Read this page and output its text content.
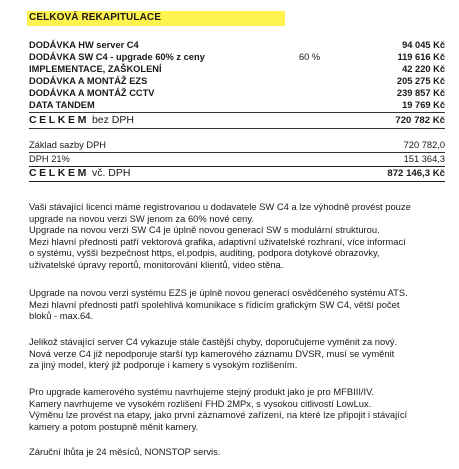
CELKOVÁ REKAPITULACE
DODÁVKA HW server C4	94 045 Kč
DODÁVKA SW C4 - upgrade 60% z ceny	60 %	119 616 Kč
IMPLEMENTACE, ZAŠKOLENÍ	42 220 Kč
DODÁVKA A MONTÁŽ EZS	205 275 Kč
DODÁVKA A MONTÁŽ CCTV	239 857 Kč
DATA TANDEM	19 769 Kč
CELKEM bez DPH	720 782 Kč
Základ sazby DPH	720 782,0
DPH 21%	151 364,3
CELKEM vč. DPH	872 146,3 Kč
Vaši stávající licenci máme registrovanou u dodavatele SW C4 a lze výhodně provést pouze
upgrade na novou verzi SW jenom za 60% nové ceny.
Upgrade na novou verzi SW C4 je úplně novou generací SW s modulární strukturou.
Mezi hlavní přednosti patří vektorová grafika, adaptivní uživatelské rozhraní, více informací
o systému, vyšší bezpečnost https, el.podpis, auditing, podpora dotykové obrazovky,
uživatelské úpravy reportů, monitorování klientů, video stěna.
Upgrade na novou verzi systému EZS je úplně novou generací osvědčeného systému ATS.
Mezi hlavní přednosti patří spolehlivá komunikace s řídicím grafickým SW C4, větší počet
bloků - max.64.
Jelikož stávající server C4 vykazuje stále častější chyby, doporučujeme vyměnit za nový.
Nová verze C4 již nepodporuje starší typ kamerového záznamu DVSR, musí se vyměnit
za jiný model, který již podporuje i kamery s vysokým rozlišením.
Pro upgrade kamerového systému navrhujeme stejný produkt jako je pro MFBIII/IV.
Kamery navrhujeme ve vysokém rozlišení FHD 2MPx, s vysokou citlivostí LowLux.
Výměnu lze provést na etapy, jako první záznamové zařízení, na které lze připojit i stávající
kamery a potom postupně měnit kamery.
Záruční lhůta je 24 měsíců, NONSTOP servis.
